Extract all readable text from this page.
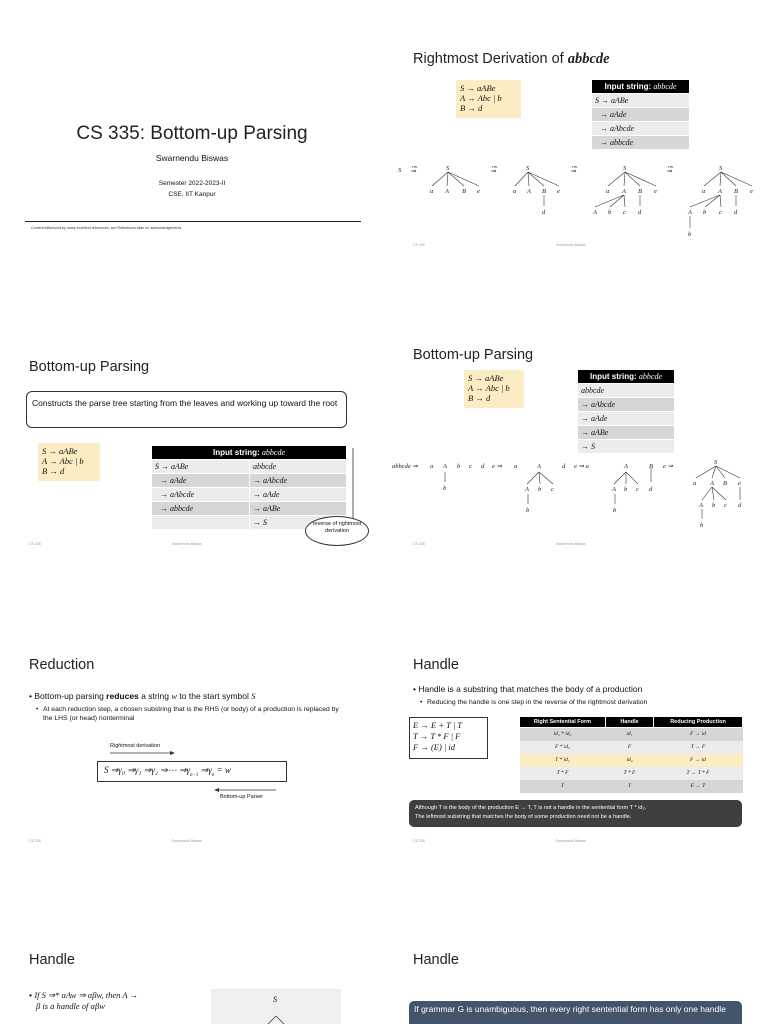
CS 335: Bottom-up Parsing
Swarnendu Biswas
Semester 2022-2023-II
CSE, IIT Kanpur
Content influenced by many excellent references, see References slide for acknowledgements.
Rightmost Derivation of abbcde
S → aABe
A → Abc | b
B → d
Input string: abbcde
S → aABe
→ aAde
→ aAbcde
→ abbcde
S
rm
⇒	S
a A B e
rm
⇒	S
a A B e
d
rm
⇒	S
a A B e
A b c d
rm
⇒	S
a A B e
A b c d
b
CS 335	Swarnendu Biswas
Bottom-up Parsing
Constructs the parse tree starting from the leaves and working up toward the root
S → aABe
A → Abc | b
B → d
Input string: abbcde	
S → aABe	abbcde
→ aAde	→ aAbcde
→ aAbcde	→ aAde
→ abbcde	→ aABe
	→ S	reverse of rightmost derivation
CS 335	Swarnendu Biswas
Bottom-up Parsing
S → aABe
A → Abc | b
B → d
Input string: abbcde
abbcde
→ aAbcde
→ aAde
→ aABe
→ S
abbcde ⇒ a A b c d e ⇒
b
a	A	d e ⇒ a
A b c
b
A	B e ⇒
A b c d
b
S
a A B e
A b c d
b
CS 335	Swarnendu Biswas
Reduction
• Bottom-up parsing reduces a string w to the start symbol S
• At each reduction step, a chosen substring that is the RHS (or body) of a production is replaced by the LHS (or head) nonterminal
Rightmost derivation
S ⇒γ₀ ⇒γ₁ ⇒γ₂ ⇒⋯ $\Rightarrow\gamma_{n-1}$ $\Rightarrow\gamma_n = w$
Bottom-up Parser
CS 335	Swarnendu Biswas
Handle
• Handle is a substring that matches the body of a production
• Reducing the handle is one step in the reverse of the rightmost derivation
E → E + T | T
T → T * F | F
F → (E) | id
Right Sentential Form	Handle	Reducing Production
id₁ * id₂	id₁	F → id
F * id₂	F	T → F
T * id₂	id₂	F → id
T * F	T * F	T → T * F
T	T	E → T
Although T is the body of the production E → T, T is not a handle in the sentential form T * id₂.
The leftmost substring that matches the body of some production need not be a handle.
CS 335	Swarnendu Biswas
Handle
• If S ⇒* αAw ⇒ αβw, then A →
β is a handle of αβw
S
Handle
If grammar G is unambiguous, then every right sentential form has only one handle
